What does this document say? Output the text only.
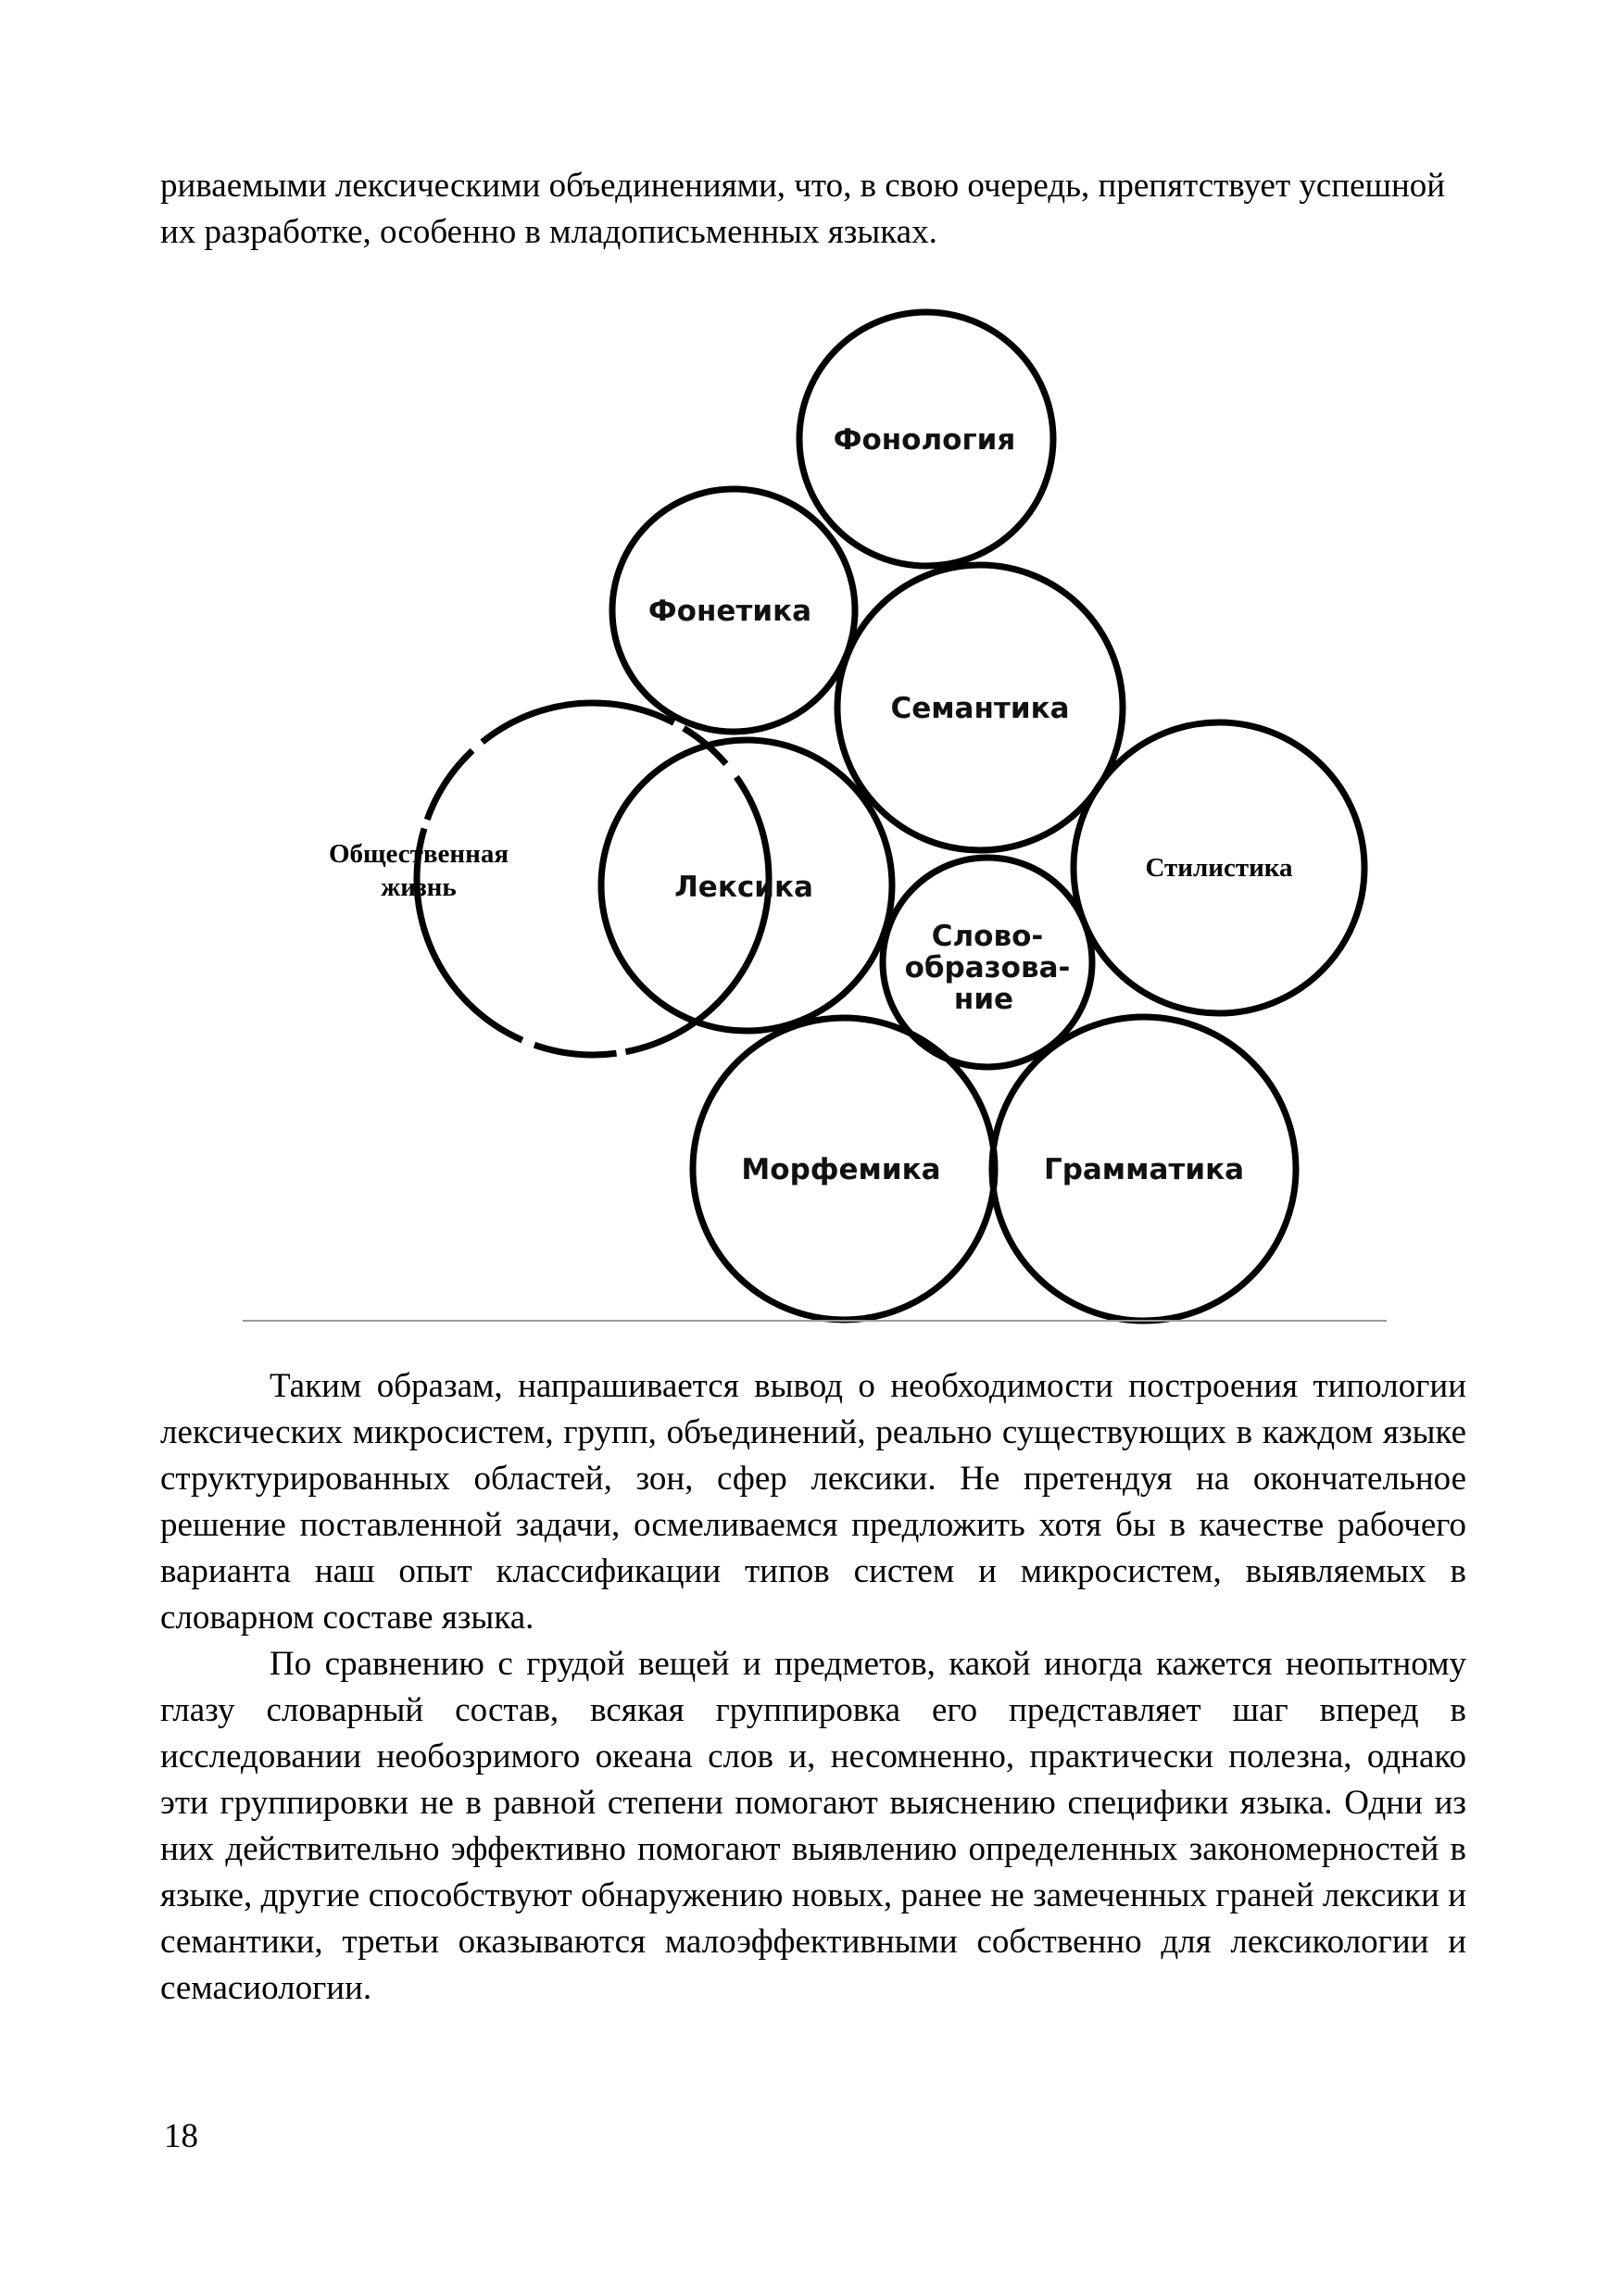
риваемыми лексическими объединениями, что, в свою очередь, препятствует успешной их разработке, особенно в младописьменных языках.

Фонология
Фонетика
Семантика
Общественная
жизнь	Лексика
Стилистика
Слово-
образова-
ние
Морфемика	Грамматика

Таким образам, напрашивается вывод о необходимости построения типологии лексических микросистем, групп, объединений, реально существующих в каждом языке структурированных областей, зон, сфер лексики. Не претендуя на окончательное решение поставленной задачи, осмеливаемся предложить хотя бы в качестве рабочего варианта наш опыт классификации типов систем и микросистем, выявляемых в словарном составе языка.

По сравнению с грудой вещей и предметов, какой иногда кажется неопытному глазу словарный состав, всякая группировка его представляет шаг вперед в исследовании необозримого океана слов и, несомненно, практически полезна, однако эти группировки не в равной степени помогают выяснению специфики языка. Одни из них действительно эффективно помогают выявлению определенных закономерностей в языке, другие способствуют обнаружению новых, ранее не замеченных граней лексики и семантики, третьи оказываются малоэффективными собственно для лексикологии и семасиологии.

18
